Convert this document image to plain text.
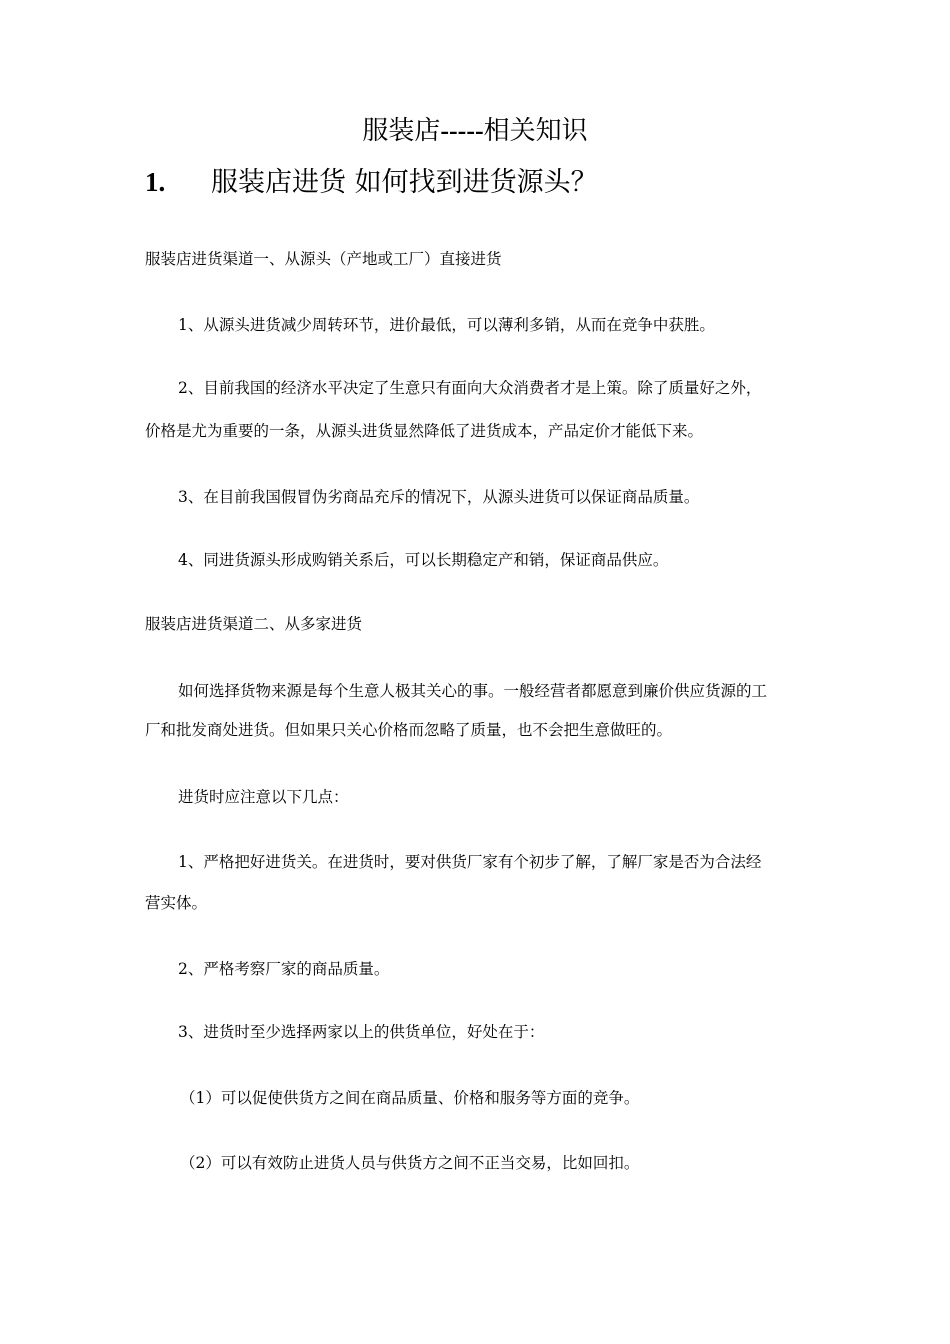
服装店-----相关知识
1. 服装店进货 如何找到进货源头？
服装店进货渠道一、从源头（产地或工厂）直接进货
1、从源头进货减少周转环节，进价最低，可以薄利多销，从而在竞争中获胜。
2、目前我国的经济水平决定了生意只有面向大众消费者才是上策。除了质量好之外，
价格是尤为重要的一条，从源头进货显然降低了进货成本，产品定价才能低下来。
3、在目前我国假冒伪劣商品充斥的情况下，从源头进货可以保证商品质量。
4、同进货源头形成购销关系后，可以长期稳定产和销，保证商品供应。
服装店进货渠道二、从多家进货
如何选择货物来源是每个生意人极其关心的事。一般经营者都愿意到廉价供应货源的工
厂和批发商处进货。但如果只关心价格而忽略了质量，也不会把生意做旺的。
进货时应注意以下几点：
1、严格把好进货关。在进货时，要对供货厂家有个初步了解，了解厂家是否为合法经
营实体。
2、严格考察厂家的商品质量。
3、进货时至少选择两家以上的供货单位，好处在于：
（1）可以促使供货方之间在商品质量、价格和服务等方面的竞争。
（2）可以有效防止进货人员与供货方之间不正当交易，比如回扣。
